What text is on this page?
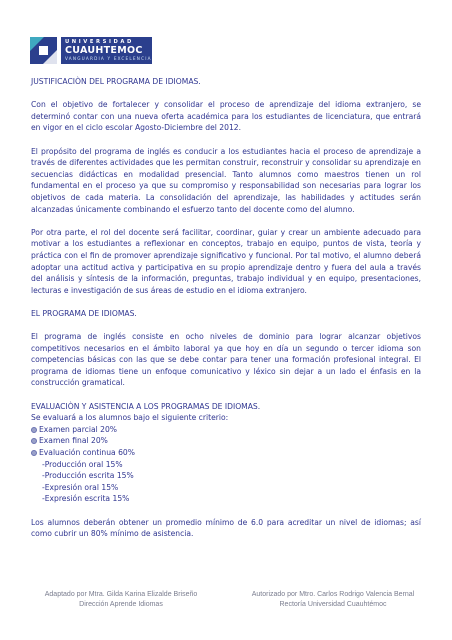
UNIVERSIDAD
CUAUHTEMOC
VANGUARDIA Y EXCELENCIA

JUSTIFICACIÒN DEL PROGRAMA DE IDIOMAS.

Con el objetivo de fortalecer y consolidar el proceso de aprendizaje del idioma extranjero, se determinó contar con una nueva oferta académica para los estudiantes de licenciatura, que entrará en vigor en el ciclo escolar Agosto-Diciembre del 2012.

El propósito del programa de inglés es conducir a los estudiantes hacia el proceso de aprendizaje a través de diferentes actividades que les permitan construir, reconstruir y consolidar su aprendizaje en secuencias didácticas en modalidad presencial. Tanto alumnos como maestros tienen un rol fundamental en el proceso ya que su compromiso y responsabilidad son necesarias para lograr los objetivos de cada materia. La consolidación del aprendizaje, las habilidades y actitudes serán alcanzadas únicamente combinando el esfuerzo tanto del docente como del alumno.

Por otra parte, el rol del docente será facilitar, coordinar, guiar y crear un ambiente adecuado para motivar a los estudiantes a reflexionar en conceptos, trabajo en equipo, puntos de vista, teoría y práctica con el fin de promover aprendizaje significativo y funcional. Por tal motivo, el alumno deberá adoptar una actitud activa y participativa en su propio aprendizaje dentro y fuera del aula a través del análisis y síntesis de la información, preguntas, trabajo individual y en equipo, presentaciones, lecturas e investigación de sus áreas de estudio en el idioma extranjero.

EL PROGRAMA DE IDIOMAS.

El programa de inglés consiste en ocho niveles de dominio para lograr alcanzar objetivos competitivos necesarios en el ámbito laboral ya que hoy en día un segundo o tercer idioma son competencias básicas con las que se debe contar para tener una formación profesional integral. El programa de idiomas tiene un enfoque comunicativo y léxico sin dejar a un lado el énfasis en la construcción gramatical.

EVALUACIÒN Y ASISTENCIA A LOS PROGRAMAS DE IDIOMAS.

Se evaluará a los alumnos bajo el siguiente criterio:

Examen parcial 20%
Examen final 20%
Evaluación continua 60%
-Producción oral 15%
-Producción escrita 15%
-Expresión oral 15%
-Expresión escrita 15%

Los alumnos deberán obtener un promedio mínimo de 6.0 para acreditar un nivel de idiomas; así como cubrir un 80% mínimo de asistencia.

Adaptado por Mtra. Gilda Karina Elizalde Briseño
Dirección Aprende Idiomas
Autorizado por Mtro. Carlos Rodrigo Valencia Bernal
Rectoría Universidad Cuauhtémoc
